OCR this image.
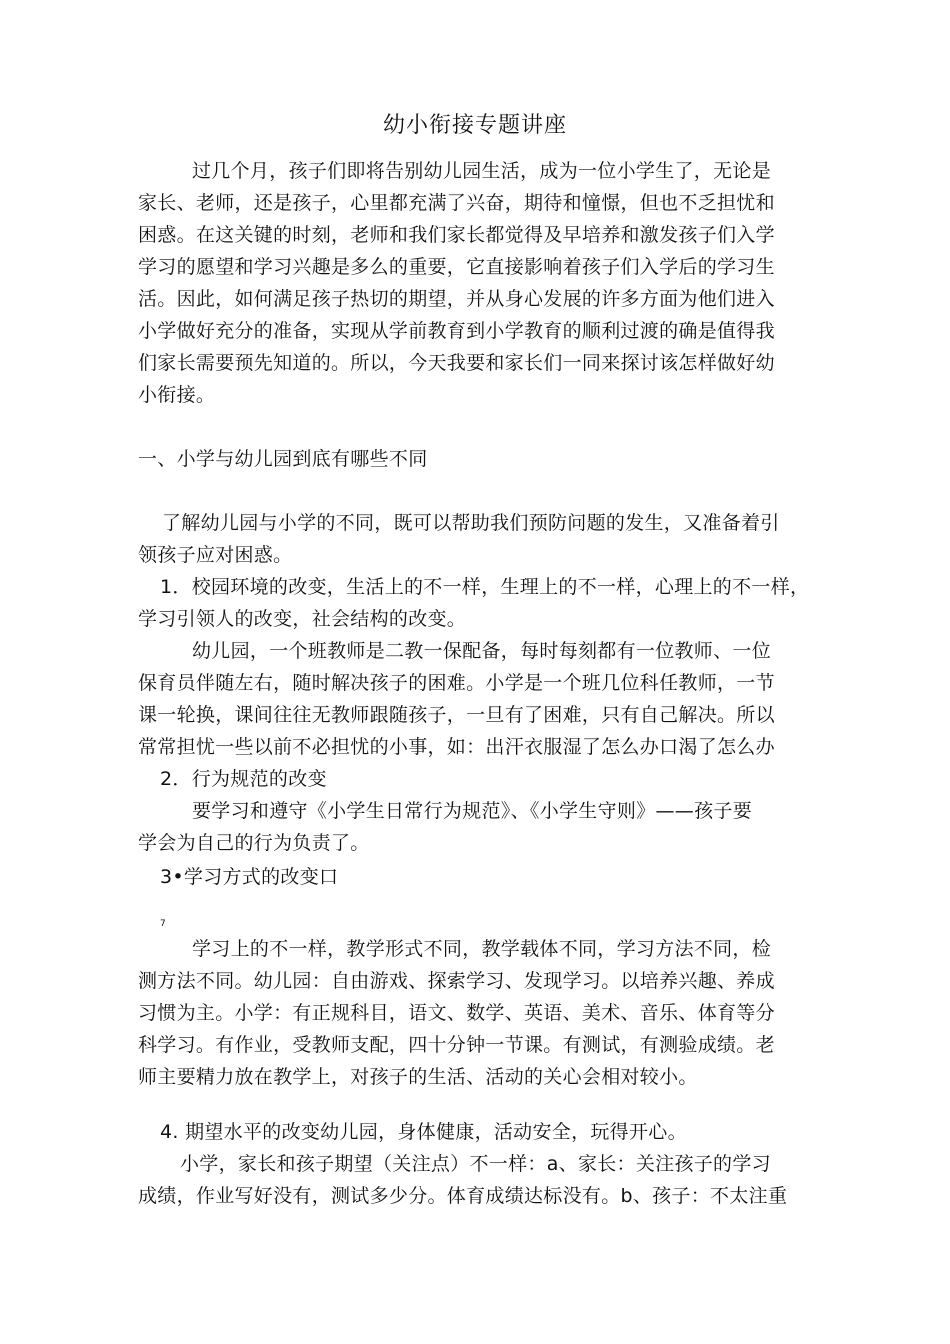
幼小衔接专题讲座
过几个月，孩子们即将告别幼儿园生活，成为一位小学生了，无论是
家长、老师，还是孩子，心里都充满了兴奋，期待和憧憬，但也不乏担忧和
困惑。在这关键的时刻，老师和我们家长都觉得及早培养和激发孩子们入学
学习的愿望和学习兴趣是多么的重要，它直接影响着孩子们入学后的学习生
活。因此，如何满足孩子热切的期望，并从身心发展的许多方面为他们进入
小学做好充分的准备，实现从学前教育到小学教育的顺利过渡的确是值得我
们家长需要预先知道的。所以，今天我要和家长们一同来探讨该怎样做好幼
小衔接。
一、小学与幼儿园到底有哪些不同
了解幼儿园与小学的不同，既可以帮助我们预防问题的发生，又准备着引
领孩子应对困惑。
1．校园环境的改变，生活上的不一样，生理上的不一样，心理上的不一样，
学习引领人的改变，社会结构的改变。
幼儿园，一个班教师是二教一保配备，每时每刻都有一位教师、一位
保育员伴随左右，随时解决孩子的困难。小学是一个班几位科任教师，一节
课一轮换，课间往往无教师跟随孩子，一旦有了困难，只有自己解决。所以
常常担忧一些以前不必担忧的小事，如：出汗衣服湿了怎么办口渴了怎么办
2．行为规范的改变
要学习和遵守《小学生日常行为规范》、《小学生守则》——孩子要
学会为自己的行为负责了。
3•学习方式的改变口
7
学习上的不一样，教学形式不同，教学载体不同，学习方法不同，检
测方法不同。幼儿园：自由游戏、探索学习、发现学习。以培养兴趣、养成
习惯为主。小学：有正规科目，语文、数学、英语、美术、音乐、体育等分
科学习。有作业，受教师支配，四十分钟一节课。有测试，有测验成绩。老
师主要精力放在教学上，对孩子的生活、活动的关心会相对较小。
4. 期望水平的改变幼儿园，身体健康，活动安全，玩得开心。
小学，家长和孩子期望（关注点）不一样：a、家长：关注孩子的学习
成绩，作业写好没有，测试多少分。体育成绩达标没有。b、孩子：不太注重
